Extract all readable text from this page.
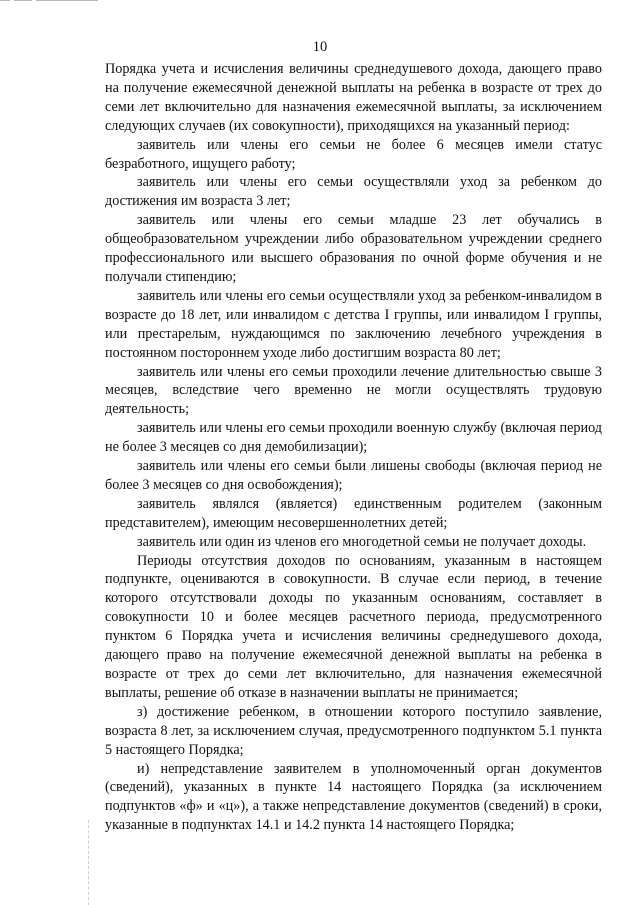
10

Порядка учета и исчисления величины среднедушевого дохода, дающего право на получение ежемесячной денежной выплаты на ребенка в возрасте от трех до семи лет включительно для назначения ежемесячной выплаты, за исключением следующих случаев (их совокупности), приходящихся на указанный период:

заявитель или члены его семьи не более 6 месяцев имели статус безработного, ищущего работу;

заявитель или члены его семьи осуществляли уход за ребенком до достижения им возраста 3 лет;

заявитель или члены его семьи младше 23 лет обучались в общеобразовательном учреждении либо образовательном учреждении среднего профессионального или высшего образования по очной форме обучения и не получали стипендию;

заявитель или члены его семьи осуществляли уход за ребенком-инвалидом в возрасте до 18 лет, или инвалидом с детства I группы, или инвалидом I группы, или престарелым, нуждающимся по заключению лечебного учреждения в постоянном постороннем уходе либо достигшим возраста 80 лет;

заявитель или члены его семьи проходили лечение длительностью свыше 3 месяцев, вследствие чего временно не могли осуществлять трудовую деятельность;

заявитель или члены его семьи проходили военную службу (включая период не более 3 месяцев со дня демобилизации);

заявитель или члены его семьи были лишены свободы (включая период не более 3 месяцев со дня освобождения);

заявитель являлся (является) единственным родителем (законным представителем), имеющим несовершеннолетних детей;

заявитель или один из членов его многодетной семьи не получает доходы.

Периоды отсутствия доходов по основаниям, указанным в настоящем подпункте, оцениваются в совокупности. В случае если период, в течение которого отсутствовали доходы по указанным основаниям, составляет в совокупности 10 и более месяцев расчетного периода, предусмотренного пунктом 6 Порядка учета и исчисления величины среднедушевого дохода, дающего право на получение ежемесячной денежной выплаты на ребенка в возрасте от трех до семи лет включительно, для назначения ежемесячной выплаты, решение об отказе в назначении выплаты не принимается;

з) достижение ребенком, в отношении которого поступило заявление, возраста 8 лет, за исключением случая, предусмотренного подпунктом 5.1 пункта 5 настоящего Порядка;

и) непредставление заявителем в уполномоченный орган документов (сведений), указанных в пункте 14 настоящего Порядка (за исключением подпунктов «ф» и «ц»), а также непредставление документов (сведений) в сроки, указанные в подпунктах 14.1 и 14.2 пункта 14 настоящего Порядка;
